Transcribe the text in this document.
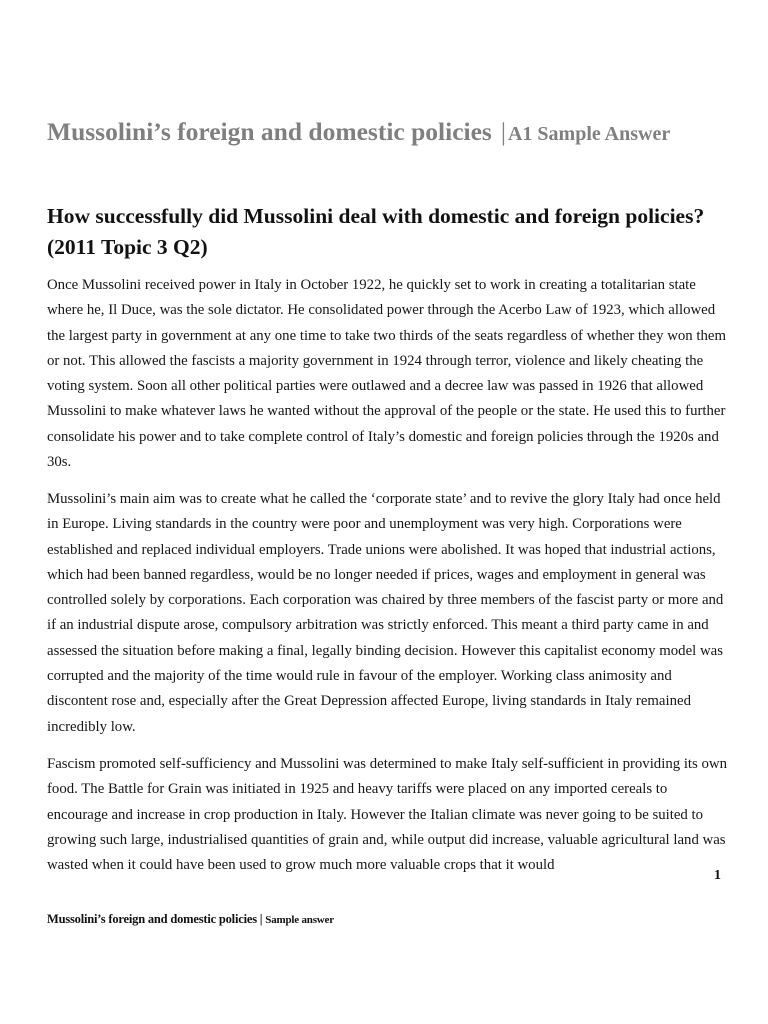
Mussolini’s foreign and domestic policies | A1 Sample Answer
How successfully did Mussolini deal with domestic and foreign policies? (2011 Topic 3 Q2)

Once Mussolini received power in Italy in October 1922, he quickly set to work in creating a totalitarian state where he, Il Duce, was the sole dictator. He consolidated power through the Acerbo Law of 1923, which allowed the largest party in government at any one time to take two thirds of the seats regardless of whether they won them or not. This allowed the fascists a majority government in 1924 through terror, violence and likely cheating the voting system. Soon all other political parties were outlawed and a decree law was passed in 1926 that allowed Mussolini to make whatever laws he wanted without the approval of the people or the state. He used this to further consolidate his power and to take complete control of Italy’s domestic and foreign policies through the 1920s and 30s.

Mussolini’s main aim was to create what he called the ‘corporate state’ and to revive the glory Italy had once held in Europe. Living standards in the country were poor and unemployment was very high. Corporations were established and replaced individual employers. Trade unions were abolished. It was hoped that industrial actions, which had been banned regardless, would be no longer needed if prices, wages and employment in general was controlled solely by corporations. Each corporation was chaired by three members of the fascist party or more and if an industrial dispute arose, compulsory arbitration was strictly enforced. This meant a third party came in and assessed the situation before making a final, legally binding decision. However this capitalist economy model was corrupted and the majority of the time would rule in favour of the employer. Working class animosity and discontent rose and, especially after the Great Depression affected Europe, living standards in Italy remained incredibly low.

Fascism promoted self-sufficiency and Mussolini was determined to make Italy self-sufficient in providing its own food. The Battle for Grain was initiated in 1925 and heavy tariffs were placed on any imported cereals to encourage and increase in crop production in Italy. However the Italian climate was never going to be suited to growing such large, industrialised quantities of grain and, while output did increase, valuable agricultural land was wasted when it could have been used to grow much more valuable crops that it would

1
Mussolini’s foreign and domestic policies | Sample answer
